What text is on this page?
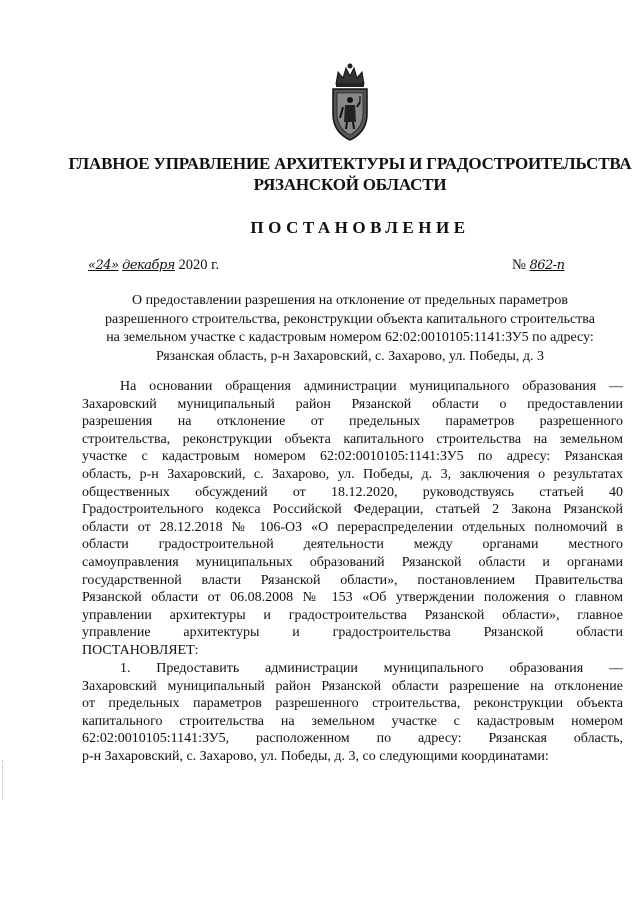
ГЛАВНОЕ УПРАВЛЕНИЕ АРХИТЕКТУРЫ И ГРАДОСТРОИТЕЛЬСТВА
РЯЗАНСКОЙ ОБЛАСТИ
ПОСТАНОВЛЕНИЕ
«24» декабря 2020 г.	№ 862-п
О предоставлении разрешения на отклонение от предельных параметров
разрешенного строительства, реконструкции объекта капитального строительства
на земельном участке с кадастровым номером 62:02:0010105:1141:ЗУ5 по адресу:
Рязанская область, р-н Захаровский, с. Захарово, ул. Победы, д. 3
На основании обращения администрации муниципального образования —
Захаровский муниципальный район Рязанской области о предоставлении
разрешения на отклонение от предельных параметров разрешенного
строительства, реконструкции объекта капитального строительства на земельном
участке с кадастровым номером 62:02:0010105:1141:ЗУ5 по адресу: Рязанская
область, р-н Захаровский, с. Захарово, ул. Победы, д. 3, заключения о результатах
общественных обсуждений от 18.12.2020, руководствуясь статьей 40
Градостроительного кодекса Российской Федерации, статьей 2 Закона Рязанской
области от 28.12.2018 № 106-ОЗ «О перераспределении отдельных полномочий в
области градостроительной деятельности между органами местного
самоуправления муниципальных образований Рязанской области и органами
государственной власти Рязанской области», постановлением Правительства
Рязанской области от 06.08.2008 № 153 «Об утверждении положения о главном
управлении архитектуры и градостроительства Рязанской области», главное
управление архитектуры и градостроительства Рязанской области
ПОСТАНОВЛЯЕТ:
1. Предоставить администрации муниципального образования —
Захаровский муниципальный район Рязанской области разрешение на отклонение
от предельных параметров разрешенного строительства, реконструкции объекта
капитального строительства на земельном участке с кадастровым номером
62:02:0010105:1141:ЗУ5, расположенном по адресу: Рязанская область,
р-н Захаровский, с. Захарово, ул. Победы, д. 3, со следующими координатами:
